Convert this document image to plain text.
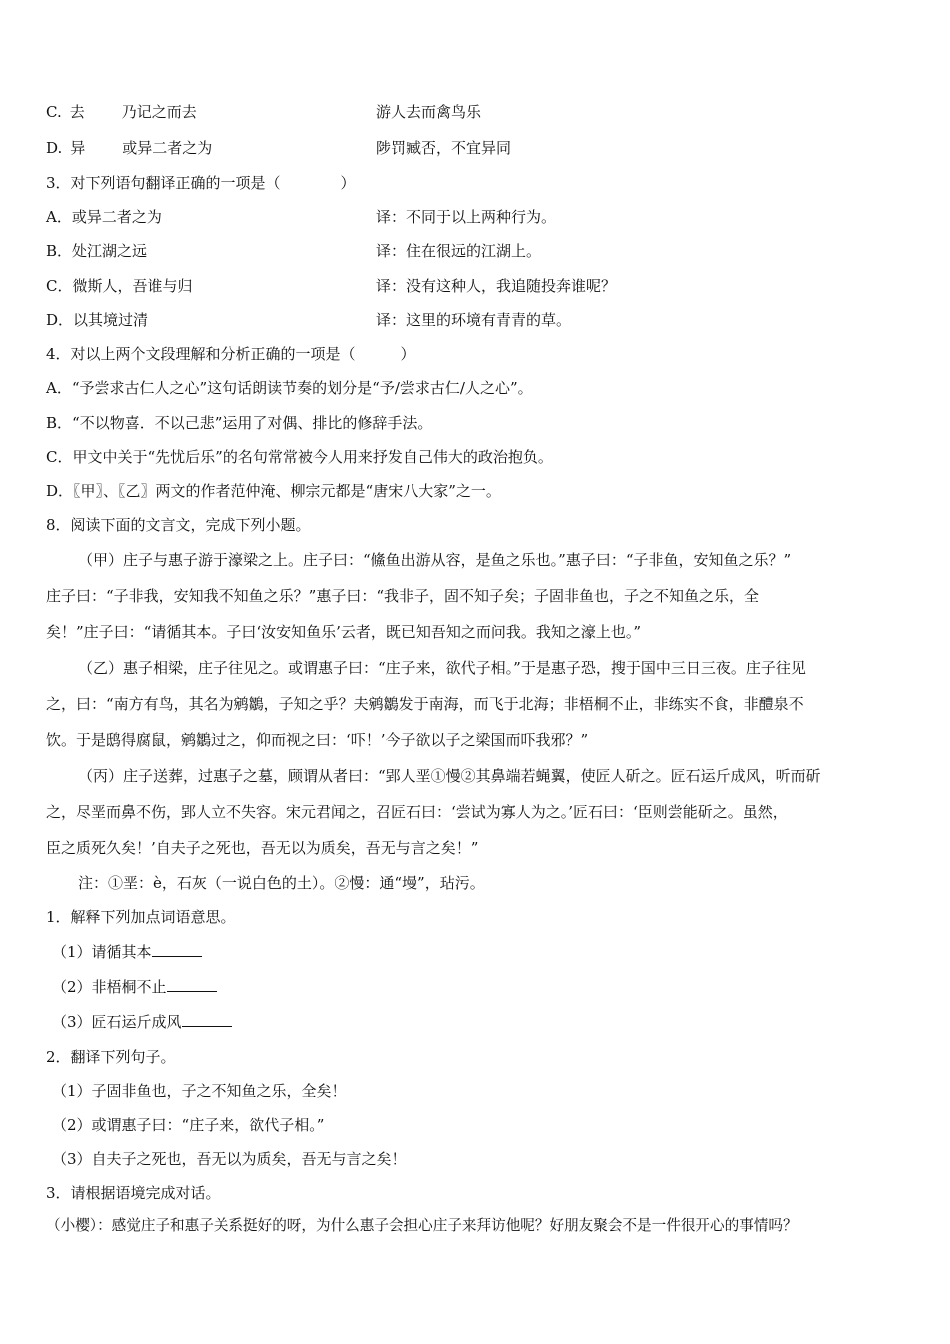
C. 去 乃记之而去	游人去而禽鸟乐
D. 异 或异二者之为	陟罚臧否，不宜异同
3．对下列语句翻译正确的一项是（　　　　）
A．或异二者之为	译：不同于以上两种行为。
B．处江湖之远	译：住在很远的江湖上。
C．微斯人，吾谁与归	译：没有这种人，我追随投奔谁呢？
D．以其境过清	译：这里的环境有青青的草。
4．对以上两个文段理解和分析正确的一项是（　　　）
A．“予尝求古仁人之心”这句话朗读节奏的划分是“予/尝求古仁/人之心”。
B．“不以物喜．不以己悲”运用了对偶、排比的修辞手法。
C．甲文中关于“先忧后乐”的名句常常被今人用来抒发自己伟大的政治抱负。
D．〖甲〗、〖乙〗两文的作者范仲淹、柳宗元都是“唐宋八大家”之一。
8．阅读下面的文言文，完成下列小题。
（甲）庄子与惠子游于濠梁之上。庄子曰：“鯈鱼出游从容，是鱼之乐也。”惠子曰：“子非鱼，安知鱼之乐？”
庄子曰：“子非我，安知我不知鱼之乐？”惠子曰：“我非子，固不知子矣；子固非鱼也，子之不知鱼之乐，全
矣！”庄子曰：“请循其本。子曰‘汝安知鱼乐’云者，既已知吾知之而问我。我知之濠上也。”
（乙）惠子相梁，庄子往见之。或谓惠子曰：“庄子来，欲代子相。”于是惠子恐，搜于国中三日三夜。庄子往见
之，曰：“南方有鸟，其名为鹓鶵，子知之乎？夫鹓鶵发于南海，而飞于北海；非梧桐不止，非练实不食，非醴泉不
饮。于是鸱得腐鼠，鹓鶵过之，仰而视之曰：‘吓！’今子欲以子之梁国而吓我邪？”
（丙）庄子送葬，过惠子之墓，顾谓从者曰：“郢人垩①慢②其鼻端若蝇翼，使匠人斫之。匠石运斤成风，听而斫
之，尽垩而鼻不伤，郢人立不失容。宋元君闻之，召匠石曰：‘尝试为寡人为之。’匠石曰：‘臣则尝能斫之。虽然，
臣之质死久矣！’自夫子之死也，吾无以为质矣，吾无与言之矣！”
注：①垩：è，石灰（一说白色的土）。②慢：通“墁”，玷污。
1．解释下列加点词语意思。
（1）请循其本
（2）非梧桐不止
（3）匠石运斤成风
2．翻译下列句子。
（1）子固非鱼也，子之不知鱼之乐，全矣！
（2）或谓惠子曰：“庄子来，欲代子相。”
（3）自夫子之死也，吾无以为质矣，吾无与言之矣！
3．请根据语境完成对话。
（小樱）：感觉庄子和惠子关系挺好的呀，为什么惠子会担心庄子来拜访他呢？好朋友聚会不是一件很开心的事情吗？
